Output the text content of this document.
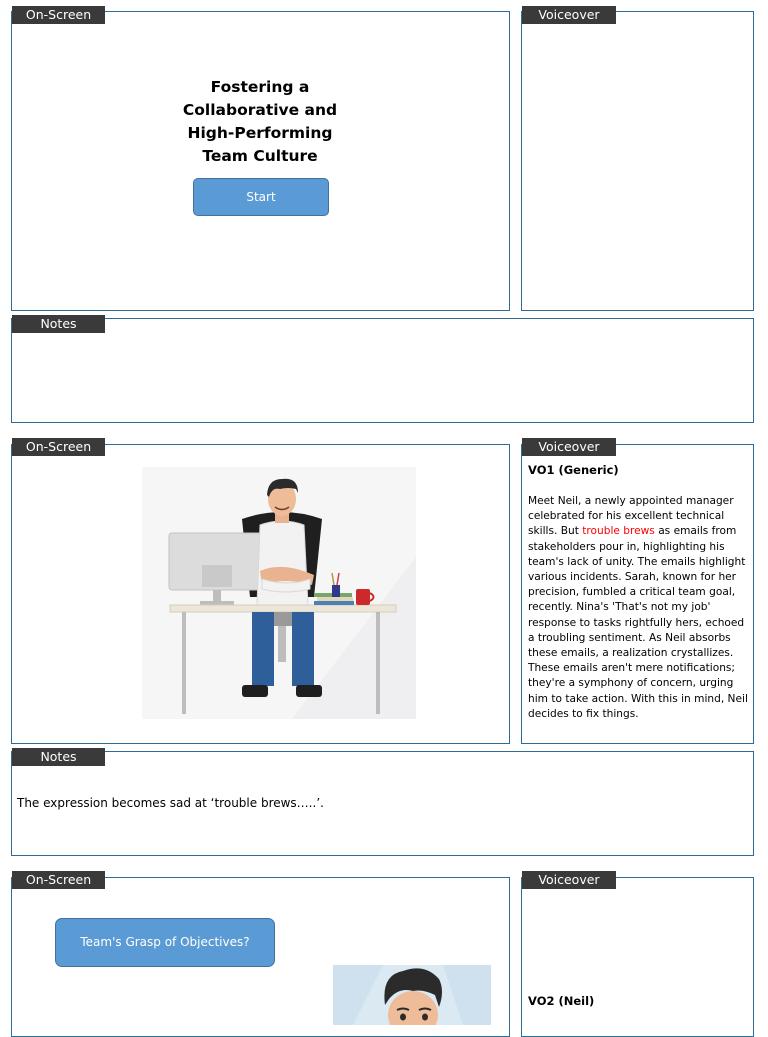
On-Screen
Fostering a
Collaborative and
High-Performing
Team Culture
Start
Voiceover
Notes
On-Screen	Voiceover
VO1 (Generic)
Meet Neil, a newly appointed manager celebrated for his excellent technical skills. But trouble brews as emails from stakeholders pour in, highlighting his team's lack of unity. The emails highlight various incidents. Sarah, known for her precision, fumbled a critical team goal, recently. Nina's 'That's not my job' response to tasks rightfully hers, echoed a troubling sentiment. As Neil absorbs these emails, a realization crystallizes. These emails aren't mere notifications; they're a symphony of concern, urging him to take action. With this in mind, Neil decides to fix things.
Notes
The expression becomes sad at ‘trouble brews…..’.
On-Screen
Team's Grasp of Objectives?
Voiceover
VO2 (Neil)
